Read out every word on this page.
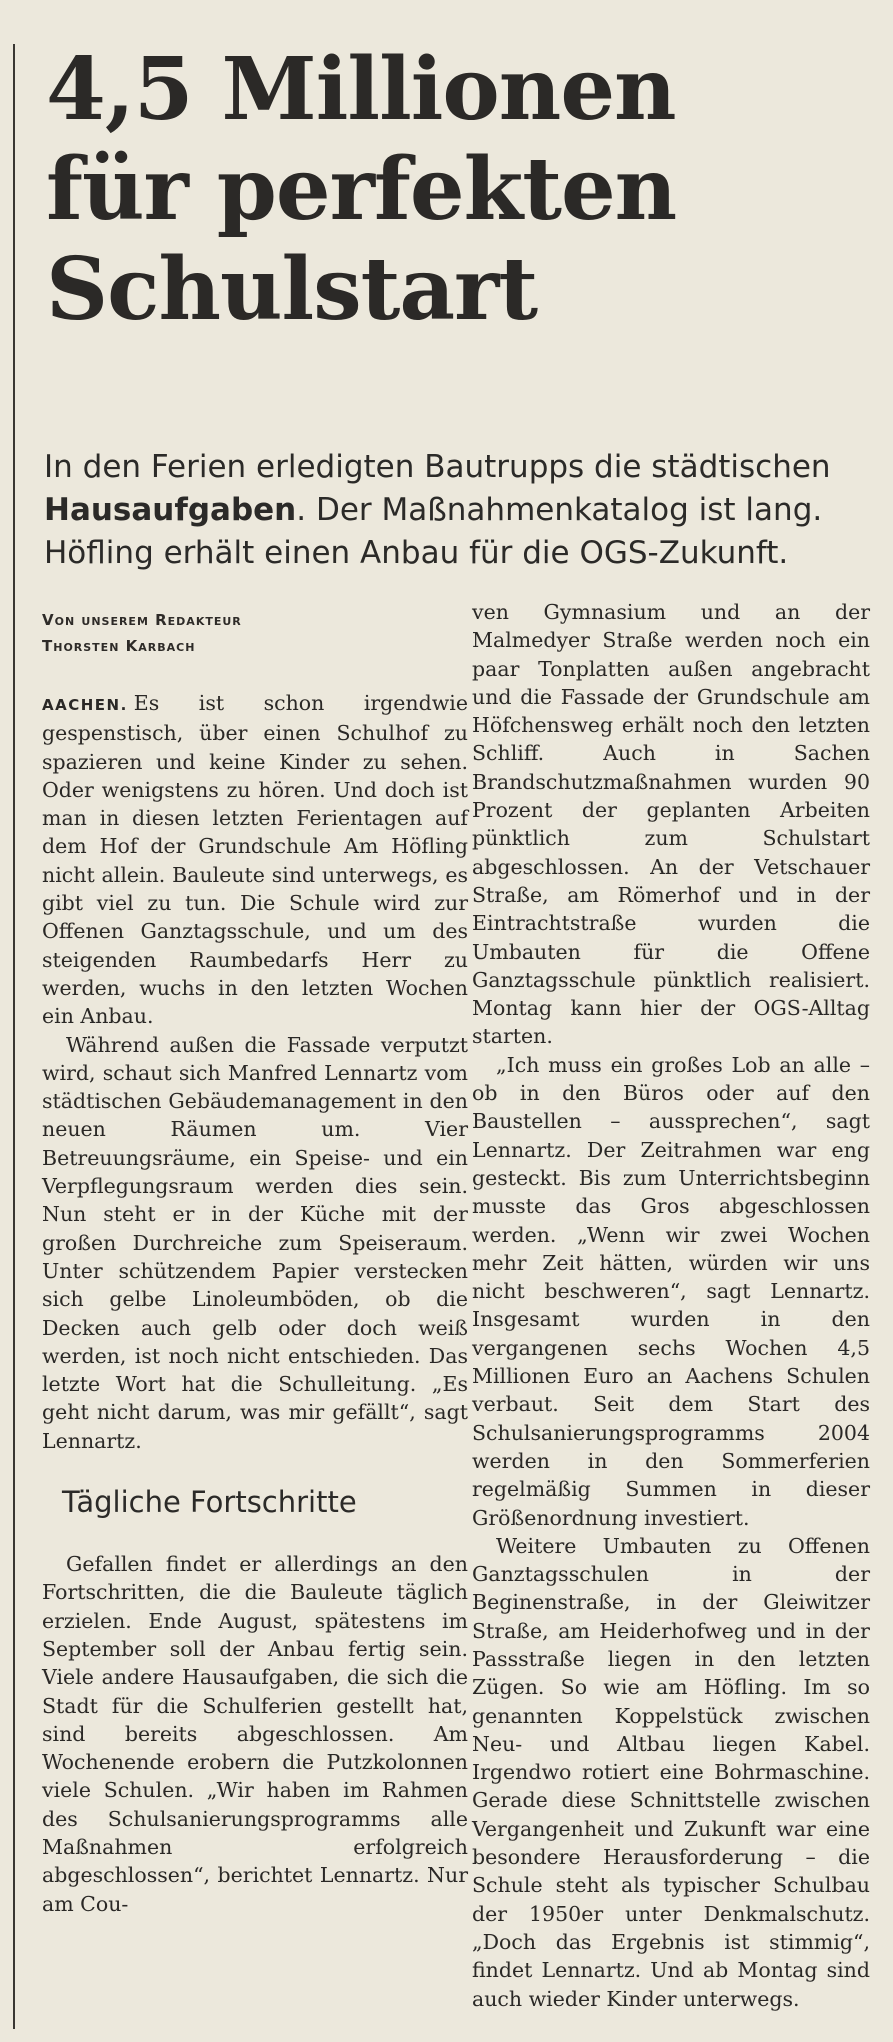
4,5 Millionen
für perfekten
Schulstart

In den Ferien erledigten Bautrupps die städtischen Hausaufgaben. Der Maßnahmenkatalog ist lang. Höfling erhält einen Anbau für die OGS-Zukunft.

Von unserem Redakteur
Thorsten Karbach

AACHEN. Es ist schon irgendwie gespenstisch, über einen Schulhof zu spazieren und keine Kinder zu sehen. Oder wenigstens zu hören. Und doch ist man in diesen letzten Ferientagen auf dem Hof der Grundschule Am Höfling nicht allein. Bauleute sind unterwegs, es gibt viel zu tun. Die Schule wird zur Offenen Ganztagsschule, und um des steigenden Raumbedarfs Herr zu werden, wuchs in den letzten Wochen ein Anbau.

Während außen die Fassade verputzt wird, schaut sich Manfred Lennartz vom städtischen Gebäudemanagement in den neuen Räumen um. Vier Betreuungsräume, ein Speise- und ein Verpflegungsraum werden dies sein. Nun steht er in der Küche mit der großen Durchreiche zum Speiseraum. Unter schützendem Papier verstecken sich gelbe Linoleumböden, ob die Decken auch gelb oder doch weiß werden, ist noch nicht entschieden. Das letzte Wort hat die Schulleitung. „Es geht nicht darum, was mir gefällt“, sagt Lennartz.

Tägliche Fortschritte

Gefallen findet er allerdings an den Fortschritten, die die Bauleute täglich erzielen. Ende August, spätestens im September soll der Anbau fertig sein. Viele andere Hausaufgaben, die sich die Stadt für die Schulferien gestellt hat, sind bereits abgeschlossen. Am Wochenende erobern die Putzkolonnen viele Schulen. „Wir haben im Rahmen des Schulsanierungsprogramms alle Maßnahmen erfolgreich abgeschlossen“, berichtet Lennartz. Nur am Cou-

ven Gymnasium und an der Malmedyer Straße werden noch ein paar Tonplatten außen angebracht und die Fassade der Grundschule am Höfchensweg erhält noch den letzten Schliff. Auch in Sachen Brandschutzmaßnahmen wurden 90 Prozent der geplanten Arbeiten pünktlich zum Schulstart abgeschlossen. An der Vetschauer Straße, am Römerhof und in der Eintrachtstraße wurden die Umbauten für die Offene Ganztagsschule pünktlich realisiert. Montag kann hier der OGS-Alltag starten.

„Ich muss ein großes Lob an alle – ob in den Büros oder auf den Baustellen – aussprechen“, sagt Lennartz. Der Zeitrahmen war eng gesteckt. Bis zum Unterrichtsbeginn musste das Gros abgeschlossen werden. „Wenn wir zwei Wochen mehr Zeit hätten, würden wir uns nicht beschweren“, sagt Lennartz. Insgesamt wurden in den vergangenen sechs Wochen 4,5 Millionen Euro an Aachens Schulen verbaut. Seit dem Start des Schulsanierungsprogramms 2004 werden in den Sommerferien regelmäßig Summen in dieser Größenordnung investiert.

Weitere Umbauten zu Offenen Ganztagsschulen in der Beginenstraße, in der Gleiwitzer Straße, am Heiderhofweg und in der Passstraße liegen in den letzten Zügen. So wie am Höfling. Im so genannten Koppelstück zwischen Neu- und Altbau liegen Kabel. Irgendwo rotiert eine Bohrmaschine. Gerade diese Schnittstelle zwischen Vergangenheit und Zukunft war eine besondere Herausforderung – die Schule steht als typischer Schulbau der 1950er unter Denkmalschutz. „Doch das Ergebnis ist stimmig“, findet Lennartz. Und ab Montag sind auch wieder Kinder unterwegs.
